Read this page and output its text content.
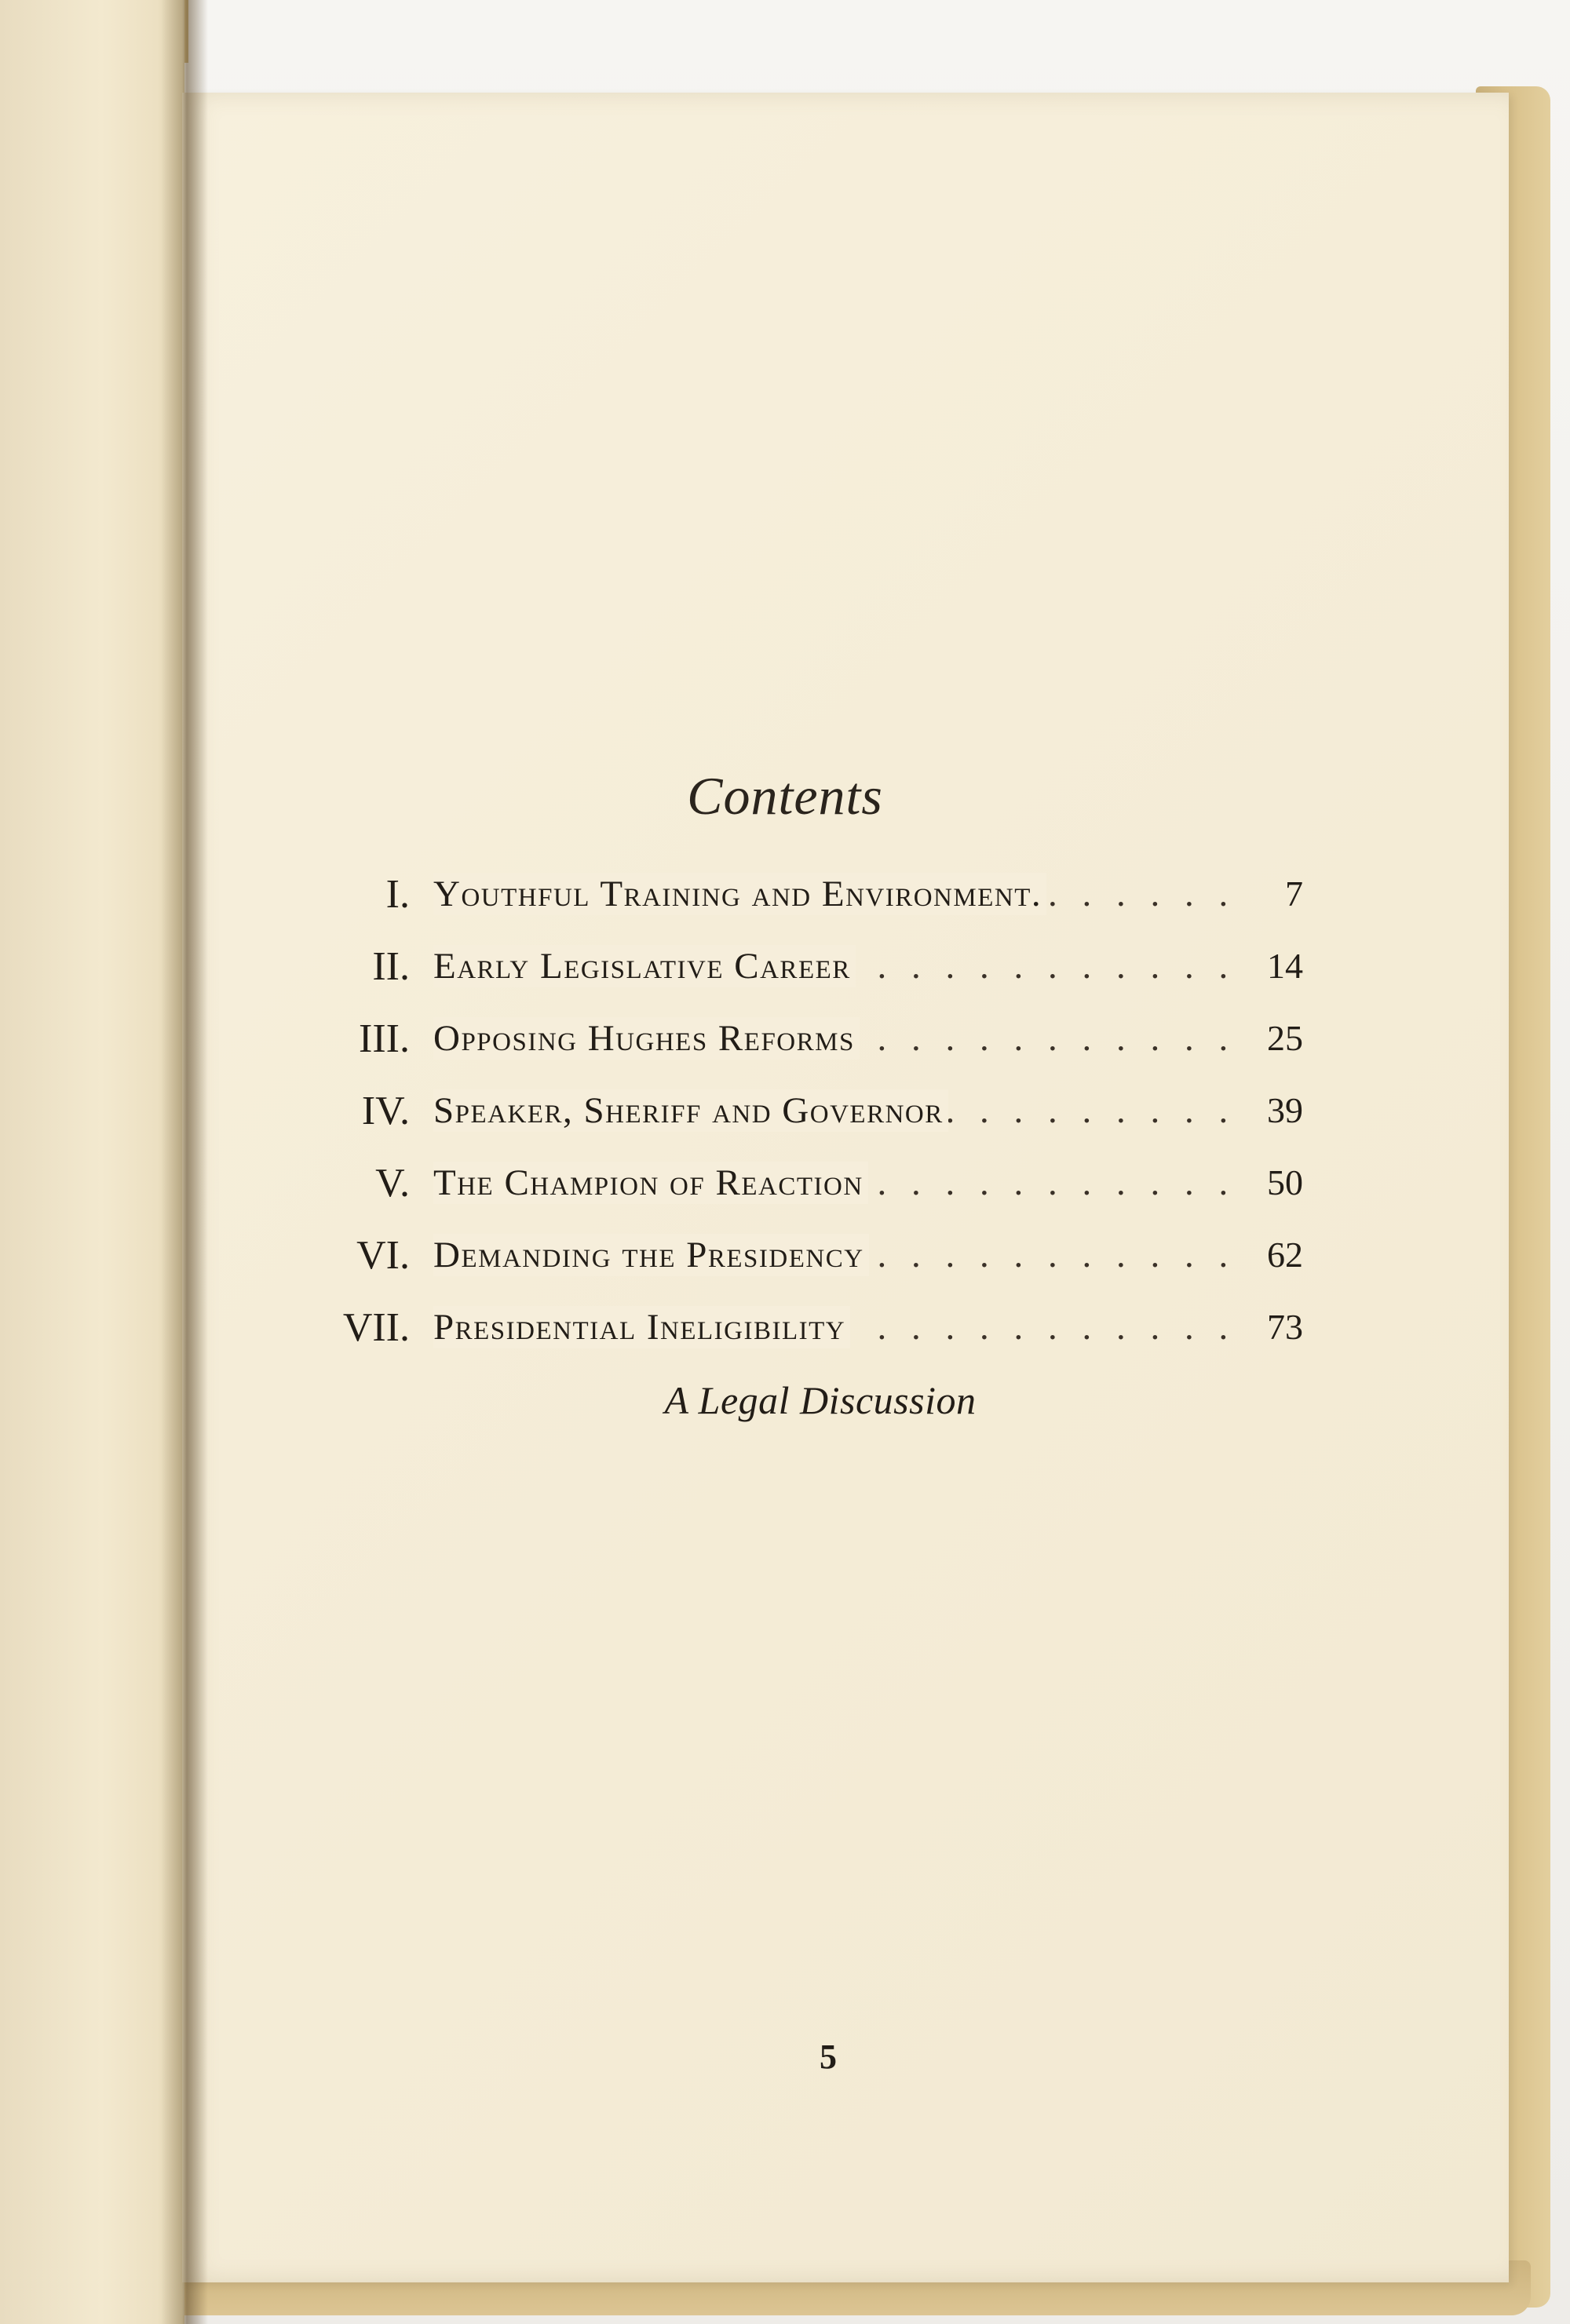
Contents
I. . . . Youthful Training and Environment.	7
II. . . . Early Legislative Career	14
III. . . . Opposing Hughes Reforms	25
IV. . . . Speaker, Sheriff and Governor	39
V. . . . The Champion of Reaction	50
VI. . . . Demanding the Presidency	62
VII. . . . Presidential Ineligibility	73
A Legal Discussion
5
